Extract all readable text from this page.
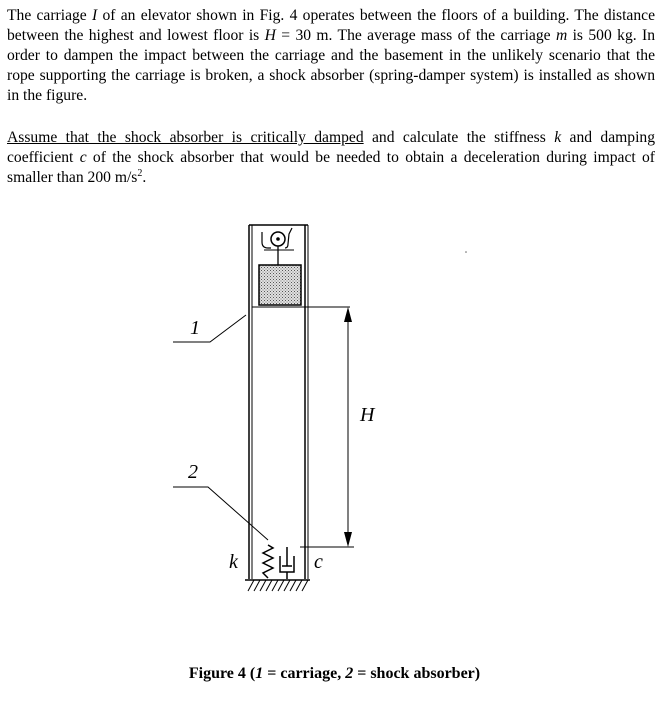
The carriage I of an elevator shown in Fig. 4 operates between the floors of a building. The distance between the highest and lowest floor is H = 30 m. The average mass of the carriage m is 500 kg. In order to dampen the impact between the carriage and the basement in the unlikely scenario that the rope supporting the carriage is broken, a shock absorber (spring-damper system) is installed as shown in the figure.

Assume that the shock absorber is critically damped and calculate the stiffness k and damping coefficient c of the shock absorber that would be needed to obtain a deceleration during impact of smaller than 200 $m/s^2$.

H
1
2
k	c
Figure 4 (1 = carriage, 2 = shock absorber)
